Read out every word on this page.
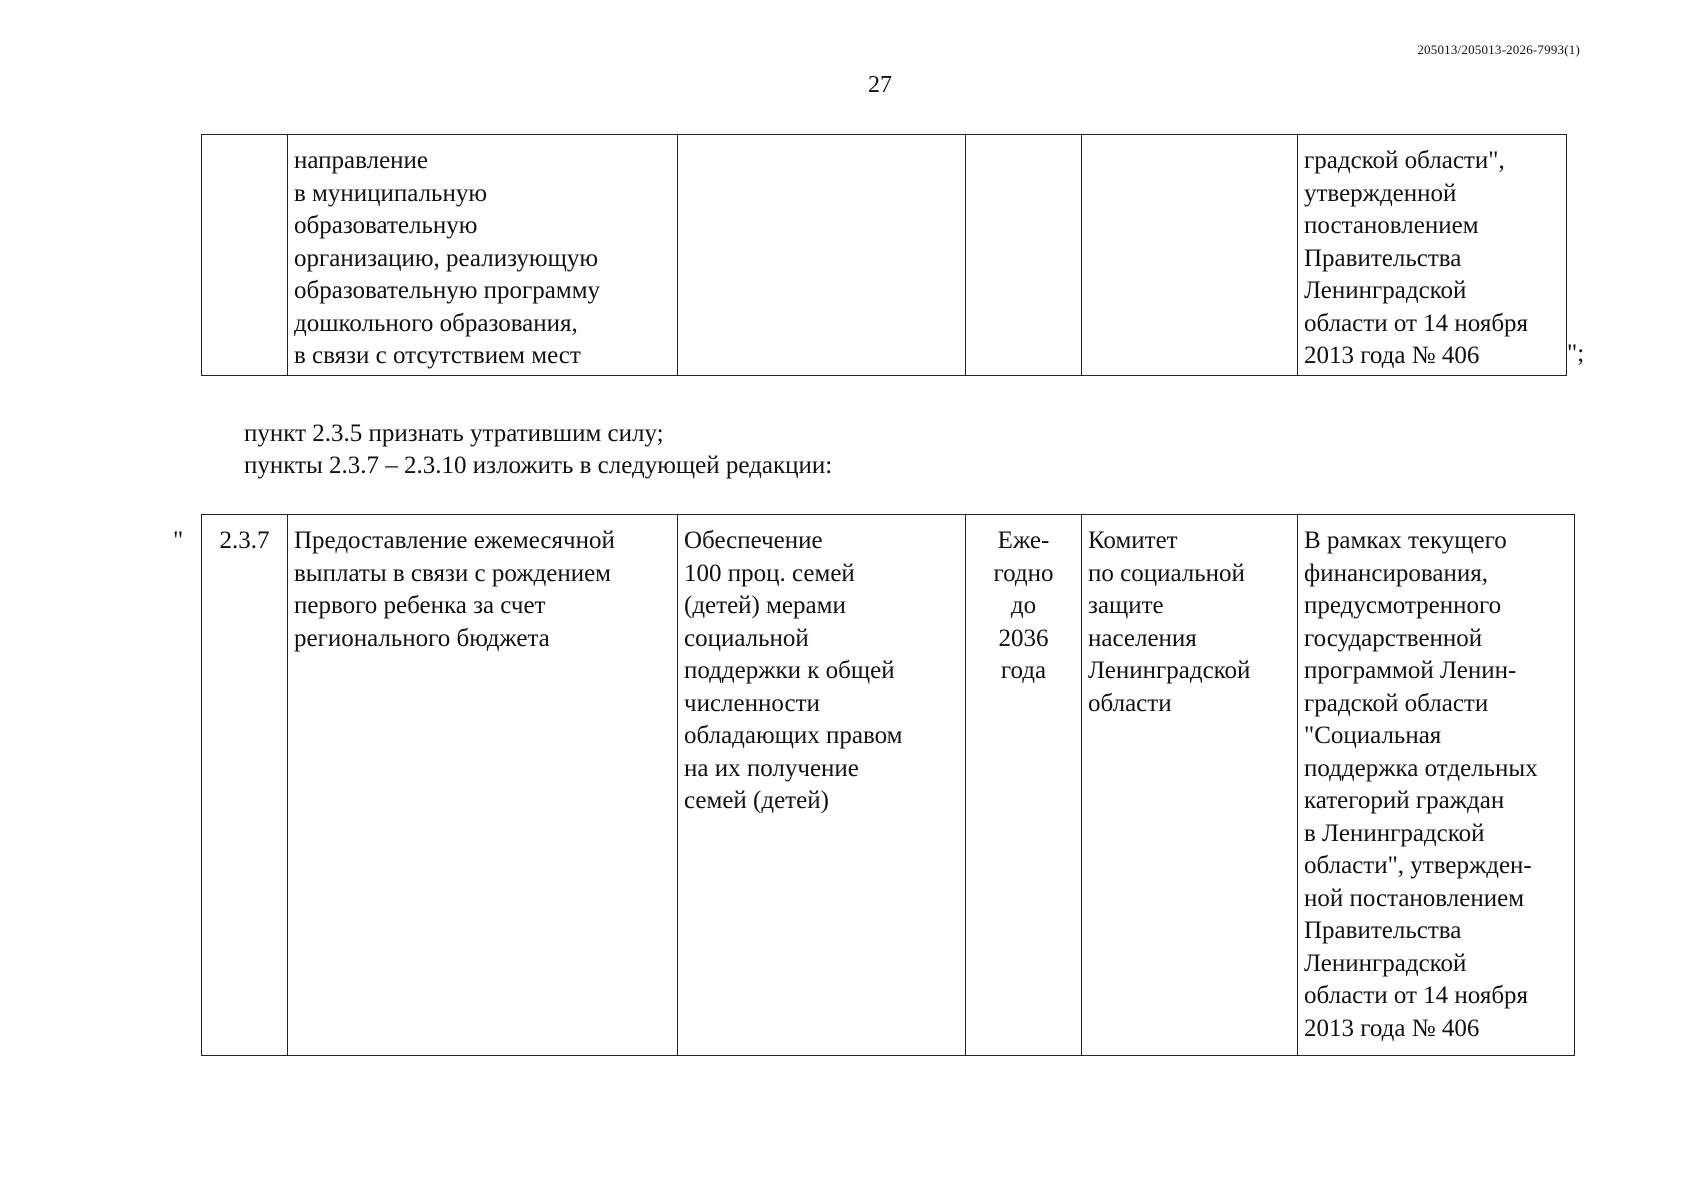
205013/205013-2026-7993(1)
27
	направление
в муниципальную
образовательную
организацию, реализующую
образовательную программу
дошкольного образования,
в связи с отсутствием мест				градской области",
утвержденной
постановлением
Правительства
Ленинградской
области от 14 ноября
2013 года № 406	";
пункт 2.3.5 признать утратившим силу;
пункты 2.3.7 – 2.3.10 изложить в следующей редакции:
" 2.3.7	Предоставление ежемесячной
выплаты в связи с рождением
первого ребенка за счет
регионального бюджета	Обеспечение
100 проц. семей
(детей) мерами
социальной
поддержки к общей
численности
обладающих правом
на их получение
семей (детей)	Еже-
годно
до
2036
года	Комитет
по социальной
защите
населения
Ленинградской
области	В рамках текущего
финансирования,
предусмотренного
государственной
программой Ленин-
градской области
"Социальная
поддержка отдельных
категорий граждан
в Ленинградской
области", утвержден-
ной постановлением
Правительства
Ленинградской
области от 14 ноября
2013 года № 406
